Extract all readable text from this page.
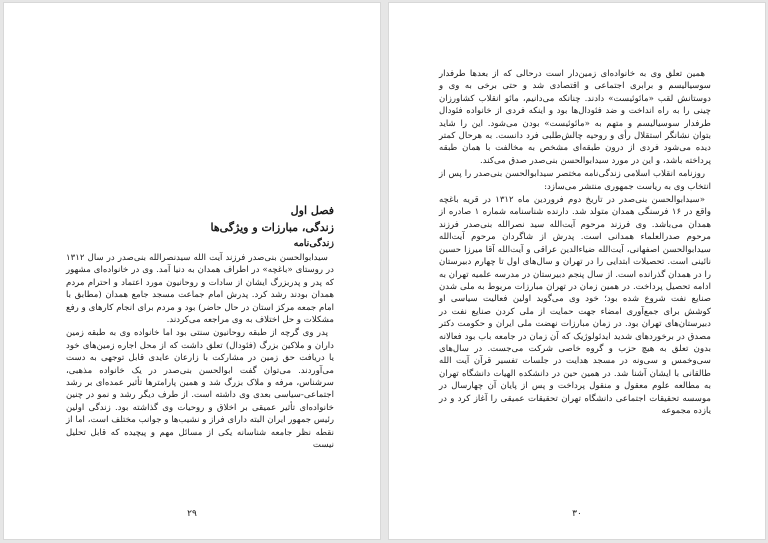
فصل اول

زندگی، مبارزات و ویژگی‌ها

زندگی‌نامه

سیدابوالحسن بنی‌صدر فرزند آیت الله سیدنصرالله بنی‌صدر در سال ۱۳۱۲ در روستای «باغچه» در اطراف همدان به دنیا آمد. وی در خانواده‌ای مشهور که پدر و پدربزرگ ایشان از سادات و روحانیون مورد اعتماد و احترام مردم همدان بودند رشد کرد. پدرش امام جماعت مسجد جامع همدان (مطابق با امام جمعه مرکز استان در حال حاضر) بود و مردم برای انجام کارهای و رفع مشکلات و حل اختلاف به وی مراجعه می‌کردند.

پدر وی گرچه از طبقه روحانیون سنتی بود اما خانواده وی به طبقه زمین داران و ملاکین بزرگ (فئودال) تعلق داشت که از محل اجاره زمین‌های خود یا دریافت حق زمین در مشارکت با زارعان عایدی قابل توجهی به دست می‌آوردند. می‌توان گفت ابوالحسن بنی‌صدر در یک خانواده مذهبی، سرشناس، مرفه و ملاک بزرگ شد و همین پارامترها تأثیر عمده‌ای بر رشد اجتماعی-سیاسی بعدی وی داشته است. از طرف دیگر رشد و نمو در چنین خانواده‌ای تأثیر عمیقی بر اخلاق و روحیات وی گذاشته بود. زندگی اولین رئیس جمهور ایران البته دارای فراز و نشیب‌ها و جوانب مختلف است، اما از نقطه نظر جامعه شناسانه یکی از مسائل مهم و پیچیده که قابل تحلیل نیست

۲۹

همین تعلق وی به خانواده‌ای زمین‌دار است درحالی که از بعدها طرفدار سوسیالیسم و برابری اجتماعی و اقتصادی شد و حتی برخی به وی و دوستانش لقب «مائوئیست» دادند. چنانکه می‌دانیم، مائو انقلاب کشاورزان چینی را به راه انداخت و ضد فئودال‌ها بود و اینکه فردی از خانواده فئودال طرفدار سوسیالیسم و متهم به «مائوئیست» بودن می‌شود. این را شاید بتوان نشانگر استقلال رأی و روحیه چالش‌طلبی فرد دانست. به هرحال کمتر دیده می‌شود فردی از درون طبقه‌ای مشخص به مخالفت با همان طبقه پرداخته باشد، و این در مورد سیدابوالحسن بنی‌صدر صدق می‌کند.

روزنامه انقلاب اسلامی زندگی‌نامه مختصر سیدابوالحسن بنی‌صدر را پس از انتخاب وی به ریاست جمهوری منتشر می‌سازد:

«سیدابوالحسن بنی‌صدر در تاریخ دوم فروردین ماه ۱۳۱۲ در قریه باغچه واقع در ۱۶ فرسنگی همدان متولد شد. دارنده شناسنامه شماره ۱ صادره از همدان می‌باشد. وی فرزند مرحوم آیت‌الله سید نصرالله بنی‌صدر فرزند مرحوم صدرالعلماء همدانی است. پدرش از شاگردان مرحوم آیت‌الله سیدابوالحسن اصفهانی، آیت‌الله ضیاءالدین عراقی و آیت‌الله آقا میرزا حسین نائینی است. تحصیلات ابتدایی را در تهران و سال‌های اول تا چهارم دبیرستان را در همدان گذرانده است. از سال پنجم دبیرستان در مدرسه علمیه تهران به ادامه تحصیل پرداخت. در همین زمان در تهران مبارزات مربوط به ملی شدن صنایع نفت شروع شده بود؛ خود وی می‌گوید اولین فعالیت سیاسی او کوشش برای جمع‌آوری امضاء جهت حمایت از ملی کردن صنایع نفت در دبیرستان‌های تهران بود. در زمان مبارزات نهضت ملی ایران و حکومت دکتر مصدق در برخوردهای شدید ایدئولوژیک که آن زمان در جامعه باب بود فعالانه بدون تعلق به هیچ حزب و گروه خاصی شرکت می‌جست. در سال‌های سی‌وخمس و سی‌ونه در مسجد هدایت در جلسات تفسیر قرآن آیت الله طالقانی با ایشان آشنا شد. در همین حین در دانشکده الهیات دانشگاه تهران به مطالعه علوم معقول و منقول پرداخت و پس از پایان آن چهارسال در موسسه تحقیقات اجتماعی دانشگاه تهران تحقیقات عمیقی را آغاز کرد و در یازده مجموعه

۳۰
